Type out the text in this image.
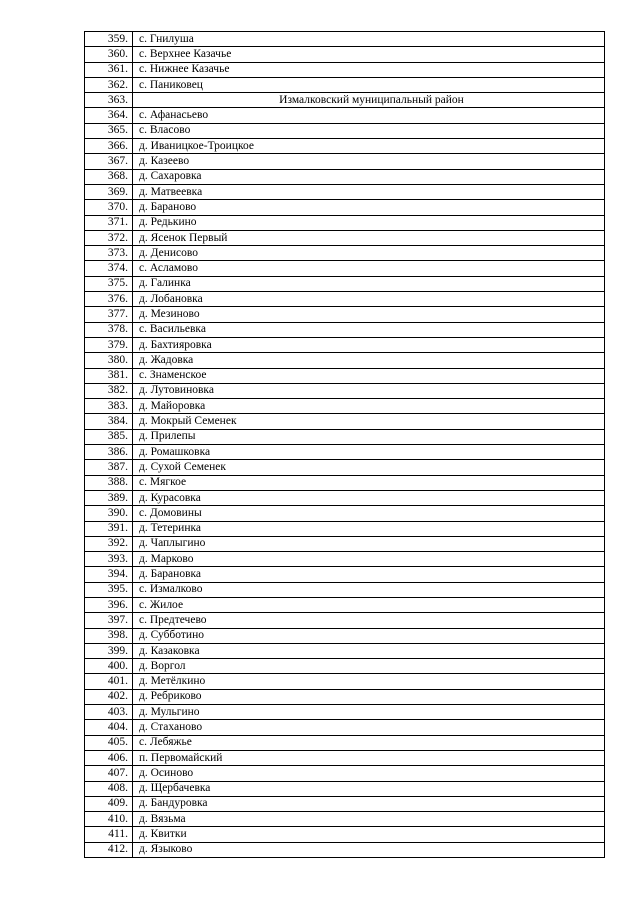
359.	с. Гнилуша
360.	с. Верхнее Казачье
361.	с. Нижнее Казачье
362.	с. Паниковец
363.	Измалковский муниципальный район
364.	с. Афанасьево
365.	с. Власово
366.	д. Иваницкое-Троицкое
367.	д. Казеево
368.	д. Сахаровка
369.	д. Матвеевка
370.	д. Бараново
371.	д. Редькино
372.	д. Ясенок Первый
373.	д. Денисово
374.	с. Асламово
375.	д. Галинка
376.	д. Лобановка
377.	д. Мезиново
378.	с. Васильевка
379.	д. Бахтияровка
380.	д. Жадовка
381.	с. Знаменское
382.	д. Лутовиновка
383.	д. Майоровка
384.	д. Мокрый Семенек
385.	д. Прилепы
386.	д. Ромашковка
387.	д. Сухой Семенек
388.	с. Мягкое
389.	д. Курасовка
390.	с. Домовины
391.	д. Тетеринка
392.	д. Чаплыгино
393.	д. Марково
394.	д. Барановка
395.	с. Измалково
396.	с. Жилое
397.	с. Предтечево
398.	д. Субботино
399.	д. Казаковка
400.	д. Воргол
401.	д. Метёлкино
402.	д. Ребриково
403.	д. Мульгино
404.	д. Стаханово
405.	с. Лебяжье
406.	п. Первомайский
407.	д. Осиново
408.	д. Щербачевка
409.	д. Бандуровка
410.	д. Вязьма
411.	д. Квитки
412.	д. Языково
